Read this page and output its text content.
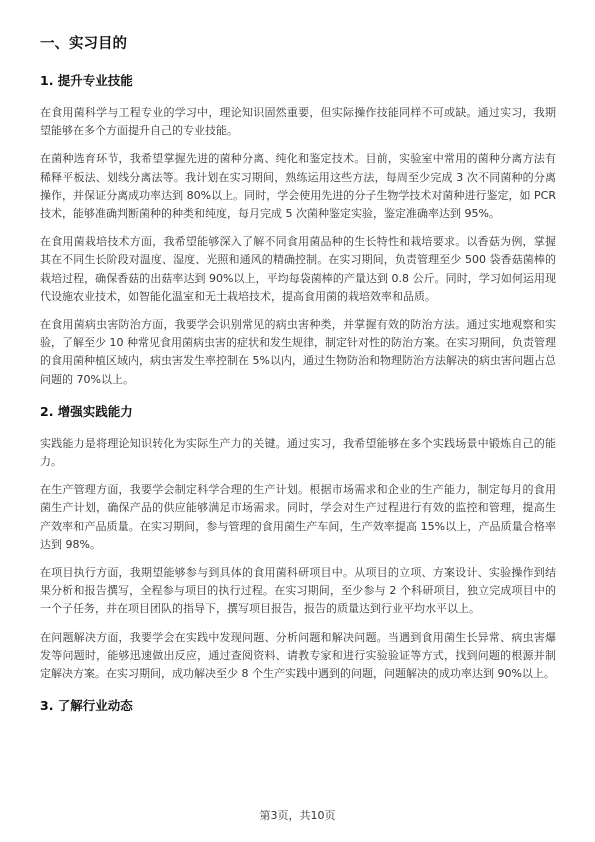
一、实习目的
1. 提升专业技能

在食用菌科学与工程专业的学习中，理论知识固然重要，但实际操作技能同样不可或缺。通过实习，我期望能够在多个方面提升自己的专业技能。

在菌种选育环节，我希望掌握先进的菌种分离、纯化和鉴定技术。目前，实验室中常用的菌种分离方法有稀释平板法、划线分离法等。我计划在实习期间，熟练运用这些方法，每周至少完成 3 次不同菌种的分离操作，并保证分离成功率达到 80%以上。同时，学会使用先进的分子生物学技术对菌种进行鉴定，如 PCR 技术，能够准确判断菌种的种类和纯度，每月完成 5 次菌种鉴定实验，鉴定准确率达到 95%。

在食用菌栽培技术方面，我希望能够深入了解不同食用菌品种的生长特性和栽培要求。以香菇为例，掌握其在不同生长阶段对温度、湿度、光照和通风的精确控制。在实习期间，负责管理至少 500 袋香菇菌棒的栽培过程，确保香菇的出菇率达到 90%以上，平均每袋菌棒的产量达到 0.8 公斤。同时，学习如何运用现代设施农业技术，如智能化温室和无土栽培技术，提高食用菌的栽培效率和品质。

在食用菌病虫害防治方面，我要学会识别常见的病虫害种类，并掌握有效的防治方法。通过实地观察和实验，了解至少 10 种常见食用菌病虫害的症状和发生规律，制定针对性的防治方案。在实习期间，负责管理的食用菌种植区域内，病虫害发生率控制在 5%以内，通过生物防治和物理防治方法解决的病虫害问题占总问题的 70%以上。

2. 增强实践能力

实践能力是将理论知识转化为实际生产力的关键。通过实习，我希望能够在多个实践场景中锻炼自己的能力。

在生产管理方面，我要学会制定科学合理的生产计划。根据市场需求和企业的生产能力，制定每月的食用菌生产计划，确保产品的供应能够满足市场需求。同时，学会对生产过程进行有效的监控和管理，提高生产效率和产品质量。在实习期间，参与管理的食用菌生产车间，生产效率提高 15%以上，产品质量合格率达到 98%。

在项目执行方面，我期望能够参与到具体的食用菌科研项目中。从项目的立项、方案设计、实验操作到结果分析和报告撰写，全程参与项目的执行过程。在实习期间，至少参与 2 个科研项目，独立完成项目中的一个子任务，并在项目团队的指导下，撰写项目报告，报告的质量达到行业平均水平以上。

在问题解决方面，我要学会在实践中发现问题、分析问题和解决问题。当遇到食用菌生长异常、病虫害爆发等问题时，能够迅速做出反应，通过查阅资料、请教专家和进行实验验证等方式，找到问题的根源并制定解决方案。在实习期间，成功解决至少 8 个生产实践中遇到的问题，问题解决的成功率达到 90%以上。

3. 了解行业动态
第3页，共10页
